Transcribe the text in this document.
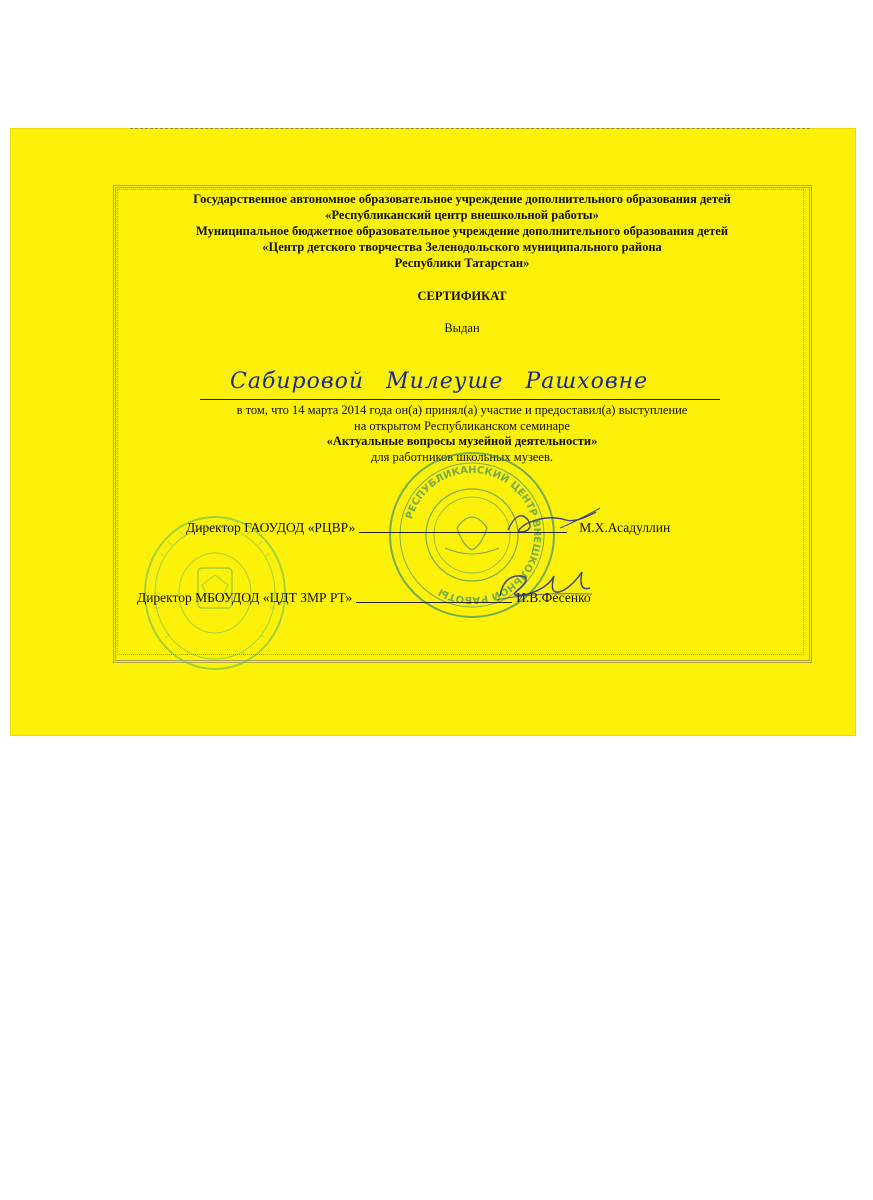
Государственное автономное образовательное учреждение дополнительного образования детей
«Республиканский центр внешкольной работы»
Муниципальное бюджетное образовательное учреждение дополнительного образования детей
«Центр детского творчества Зеленодольского муниципального района
Республики Татарстан»
СЕРТИФИКАТ
Выдан
Сабировой Милеуше Рашховне
в том, что 14 марта 2014 года он(а) принял(а) участие и предоставил(а) выступление
на открытом Республиканском семинаре
«Актуальные вопросы музейной деятельности»
для работников школьных музеев.
РЕСПУБЛИКАНСКИЙ ЦЕНТР ВНЕШКОЛЬНОЙ РАБОТЫ
Директор ГАОУДОД «РЦВР»	М.Х.Асадуллин
Директор МБОУДОД «ЦДТ ЗМР РТ»	И.В.Фесенко
